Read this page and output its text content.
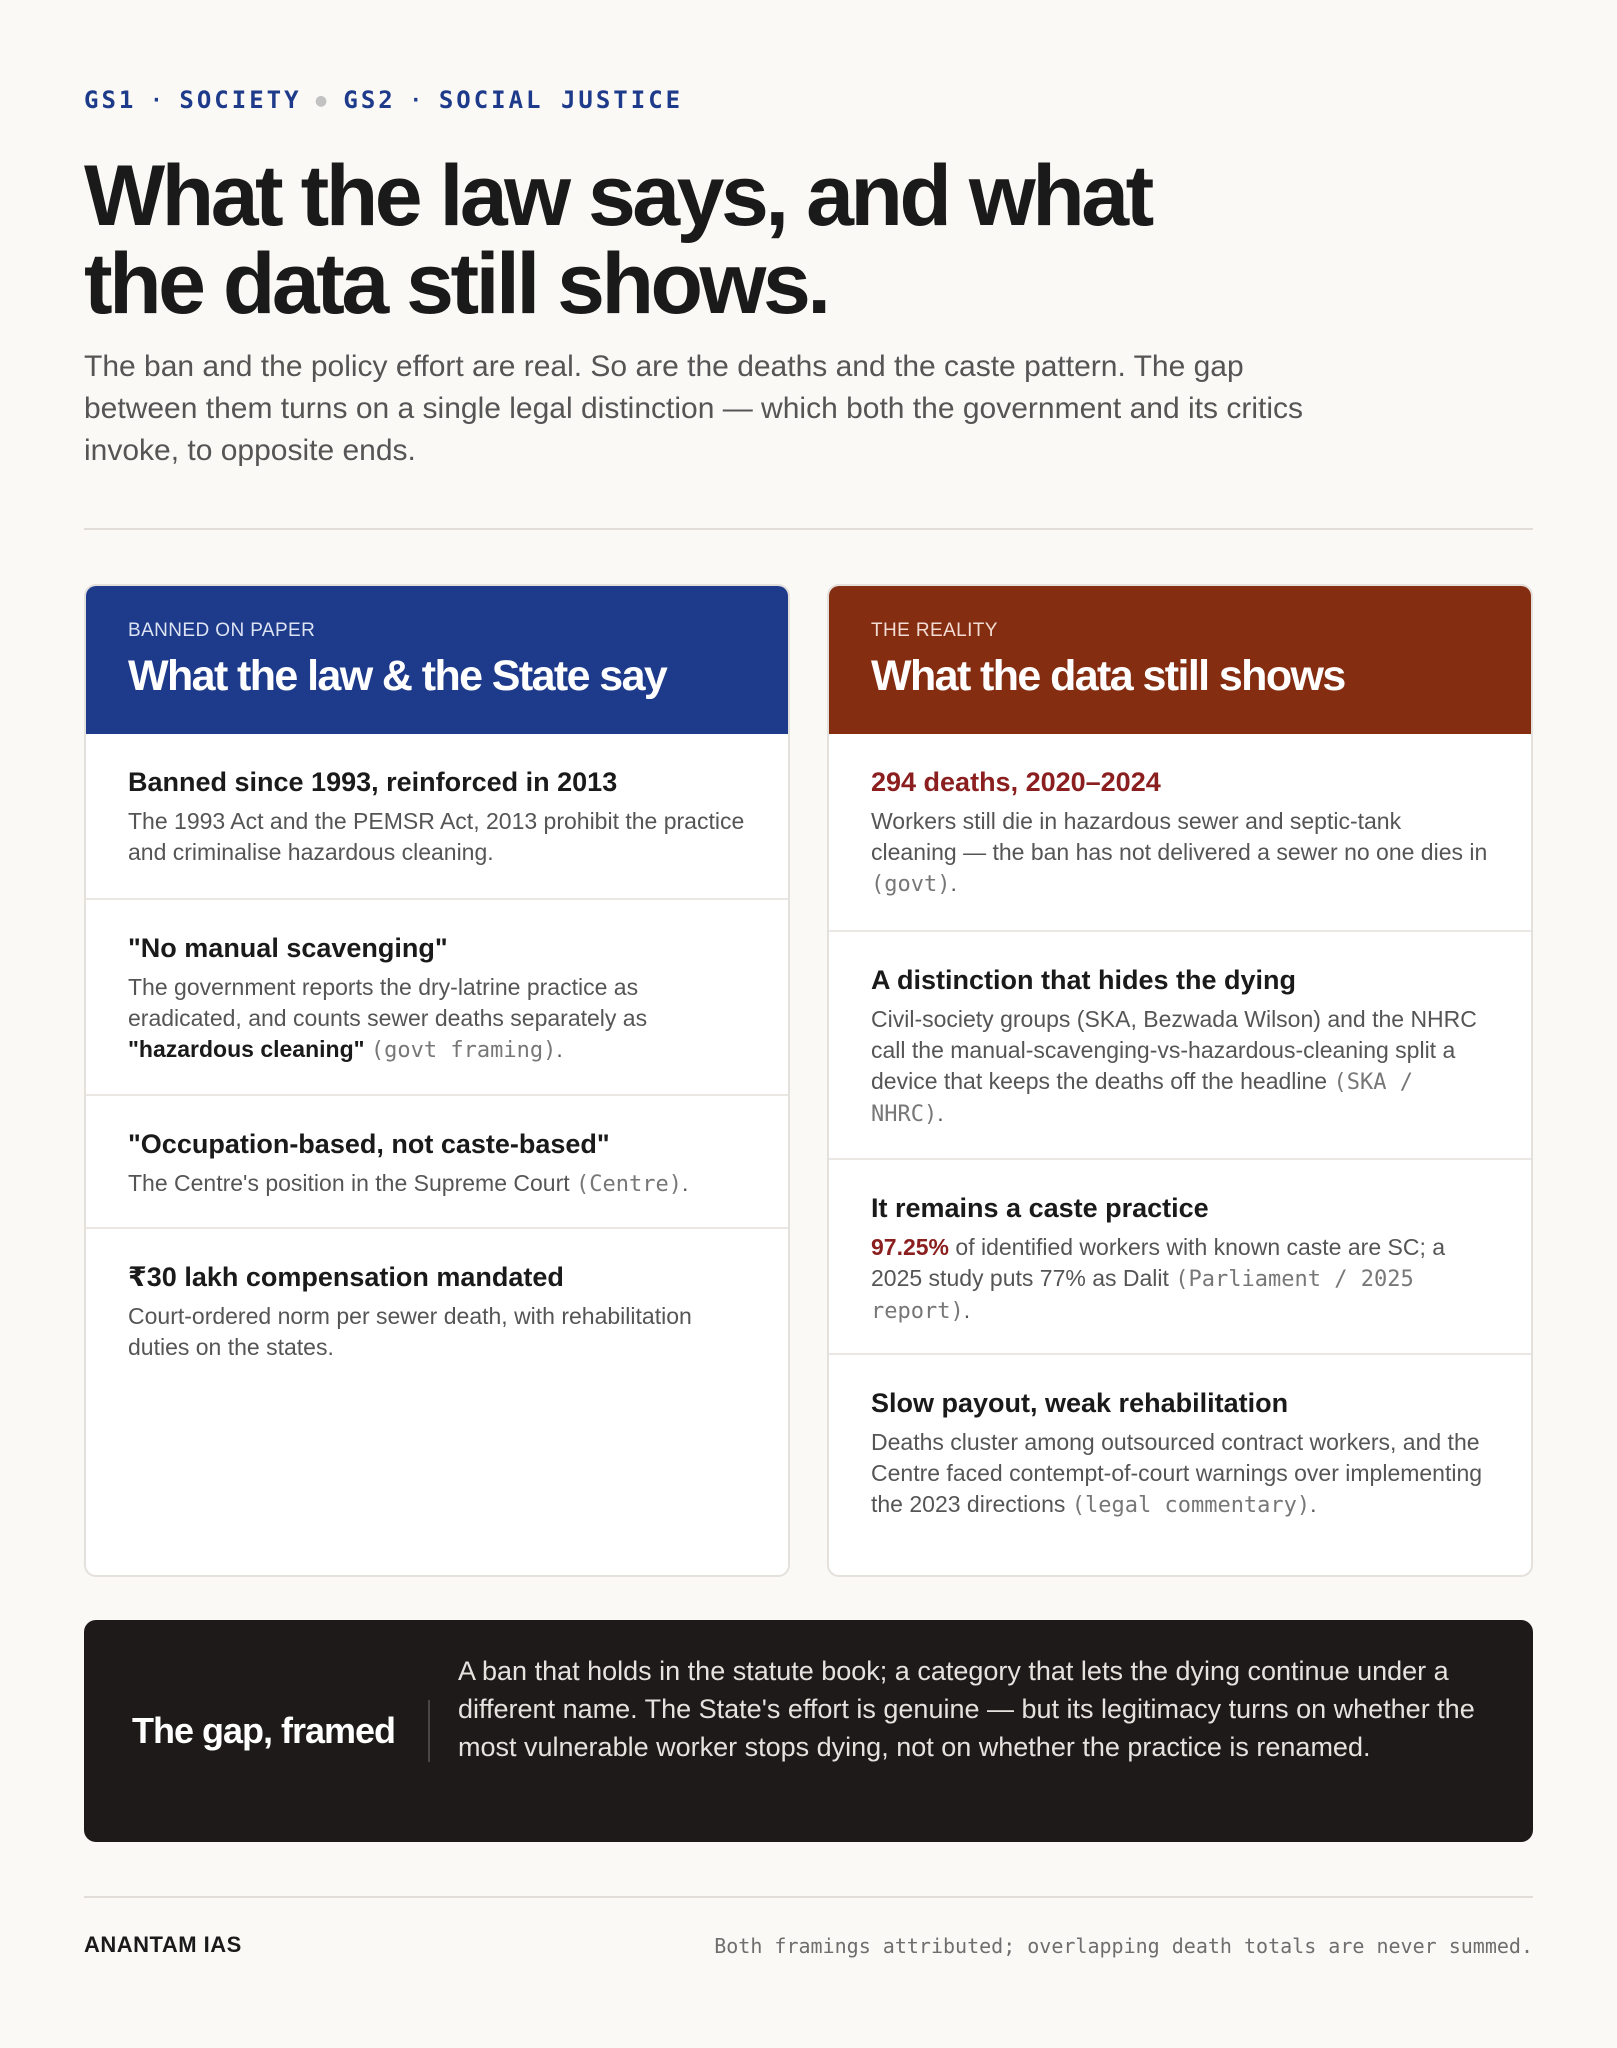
GS1 · SOCIETY ● GS2 · SOCIAL JUSTICE
What the law says, and what
the data still shows.

The ban and the policy effort are real. So are the deaths and the caste pattern. The gap between them turns on a single legal distinction — which both the government and its critics invoke, to opposite ends.

BANNED ON PAPER
What the law & the State say
Banned since 1993, reinforced in 2013
The 1993 Act and the PEMSR Act, 2013 prohibit the practice and criminalise hazardous cleaning.
"No manual scavenging"
The government reports the dry-latrine practice as eradicated, and counts sewer deaths separately as "hazardous cleaning" (govt framing).
"Occupation-based, not caste-based"
The Centre's position in the Supreme Court (Centre).
₹30 lakh compensation mandated
Court-ordered norm per sewer death, with rehabilitation duties on the states.
THE REALITY
What the data still shows
294 deaths, 2020–2024
Workers still die in hazardous sewer and septic-tank cleaning — the ban has not delivered a sewer no one dies in (govt).
A distinction that hides the dying
Civil-society groups (SKA, Bezwada Wilson) and the NHRC call the manual-scavenging-vs-hazardous-cleaning split a device that keeps the deaths off the headline (SKA / NHRC).
It remains a caste practice
97.25% of identified workers with known caste are SC; a 2025 study puts 77% as Dalit (Parliament / 2025 report).
Slow payout, weak rehabilitation
Deaths cluster among outsourced contract workers, and the Centre faced contempt-of-court warnings over implementing the 2023 directions (legal commentary).
The gap, framed

A ban that holds in the statute book; a category that lets the dying continue under a different name. The State's effort is genuine — but its legitimacy turns on whether the most vulnerable worker stops dying, not on whether the practice is renamed.

ANANTAM IAS	Both framings attributed; overlapping death totals are never summed.
